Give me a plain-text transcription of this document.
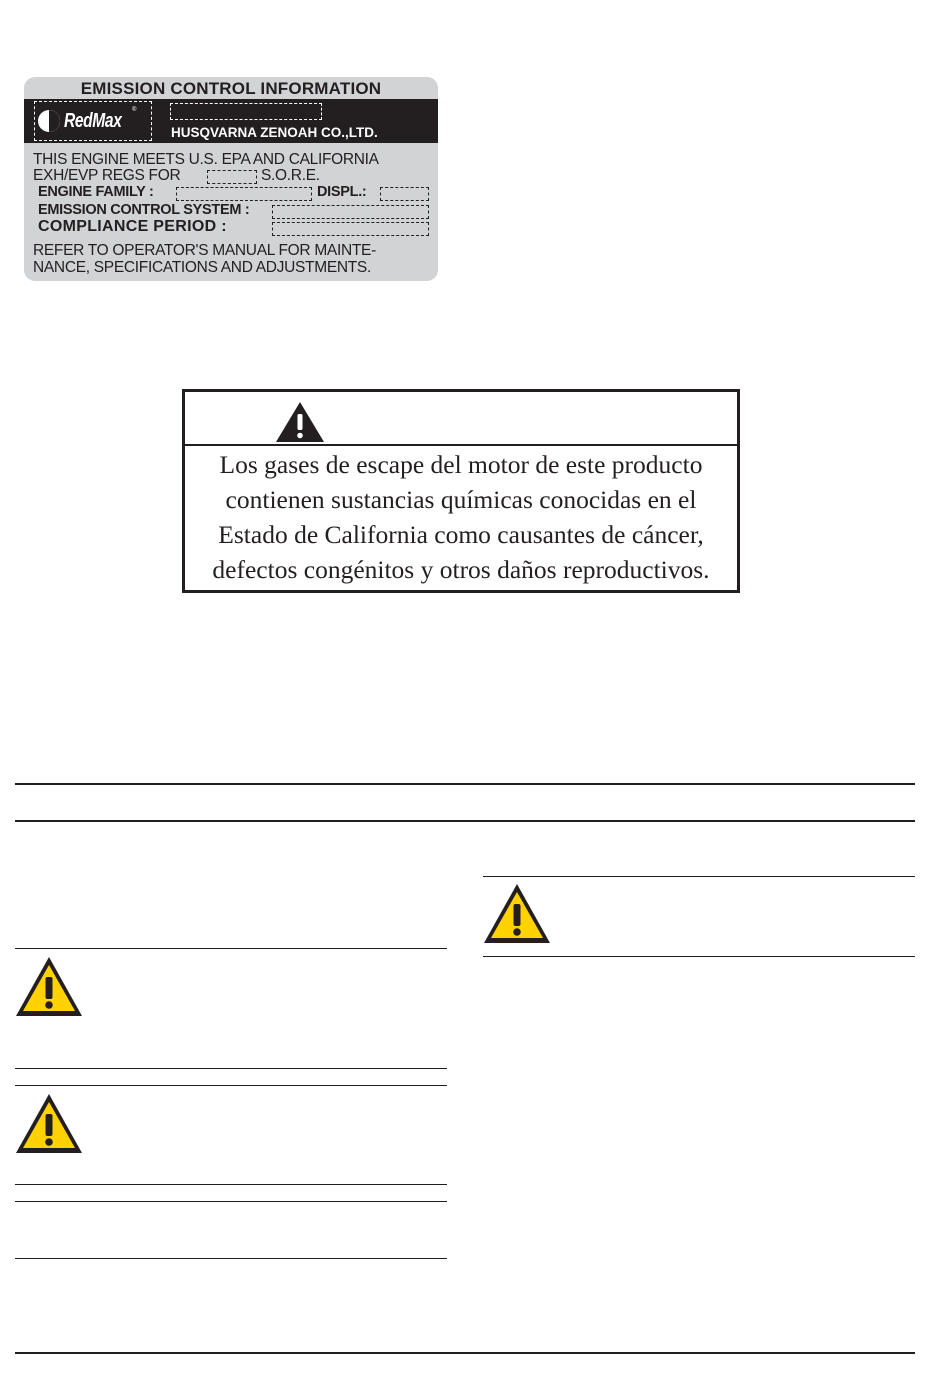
EMISSION CONTROL INFORMATION
RedMax ®
HUSQVARNA ZENOAH CO.,LTD.
THIS ENGINE MEETS U.S. EPA AND CALIFORNIA
EXH/EVP REGS FOR	S.O.R.E.
ENGINE FAMILY :	DISPL.:
EMISSION CONTROL SYSTEM :
COMPLIANCE PERIOD :
REFER TO OPERATOR'S MANUAL FOR MAINTE-
NANCE, SPECIFICATIONS AND ADJUSTMENTS.
Los gases de escape del motor de este producto
contienen sustancias químicas conocidas en el
Estado de California como causantes de cáncer,
defectos congénitos y otros daños reproductivos.
